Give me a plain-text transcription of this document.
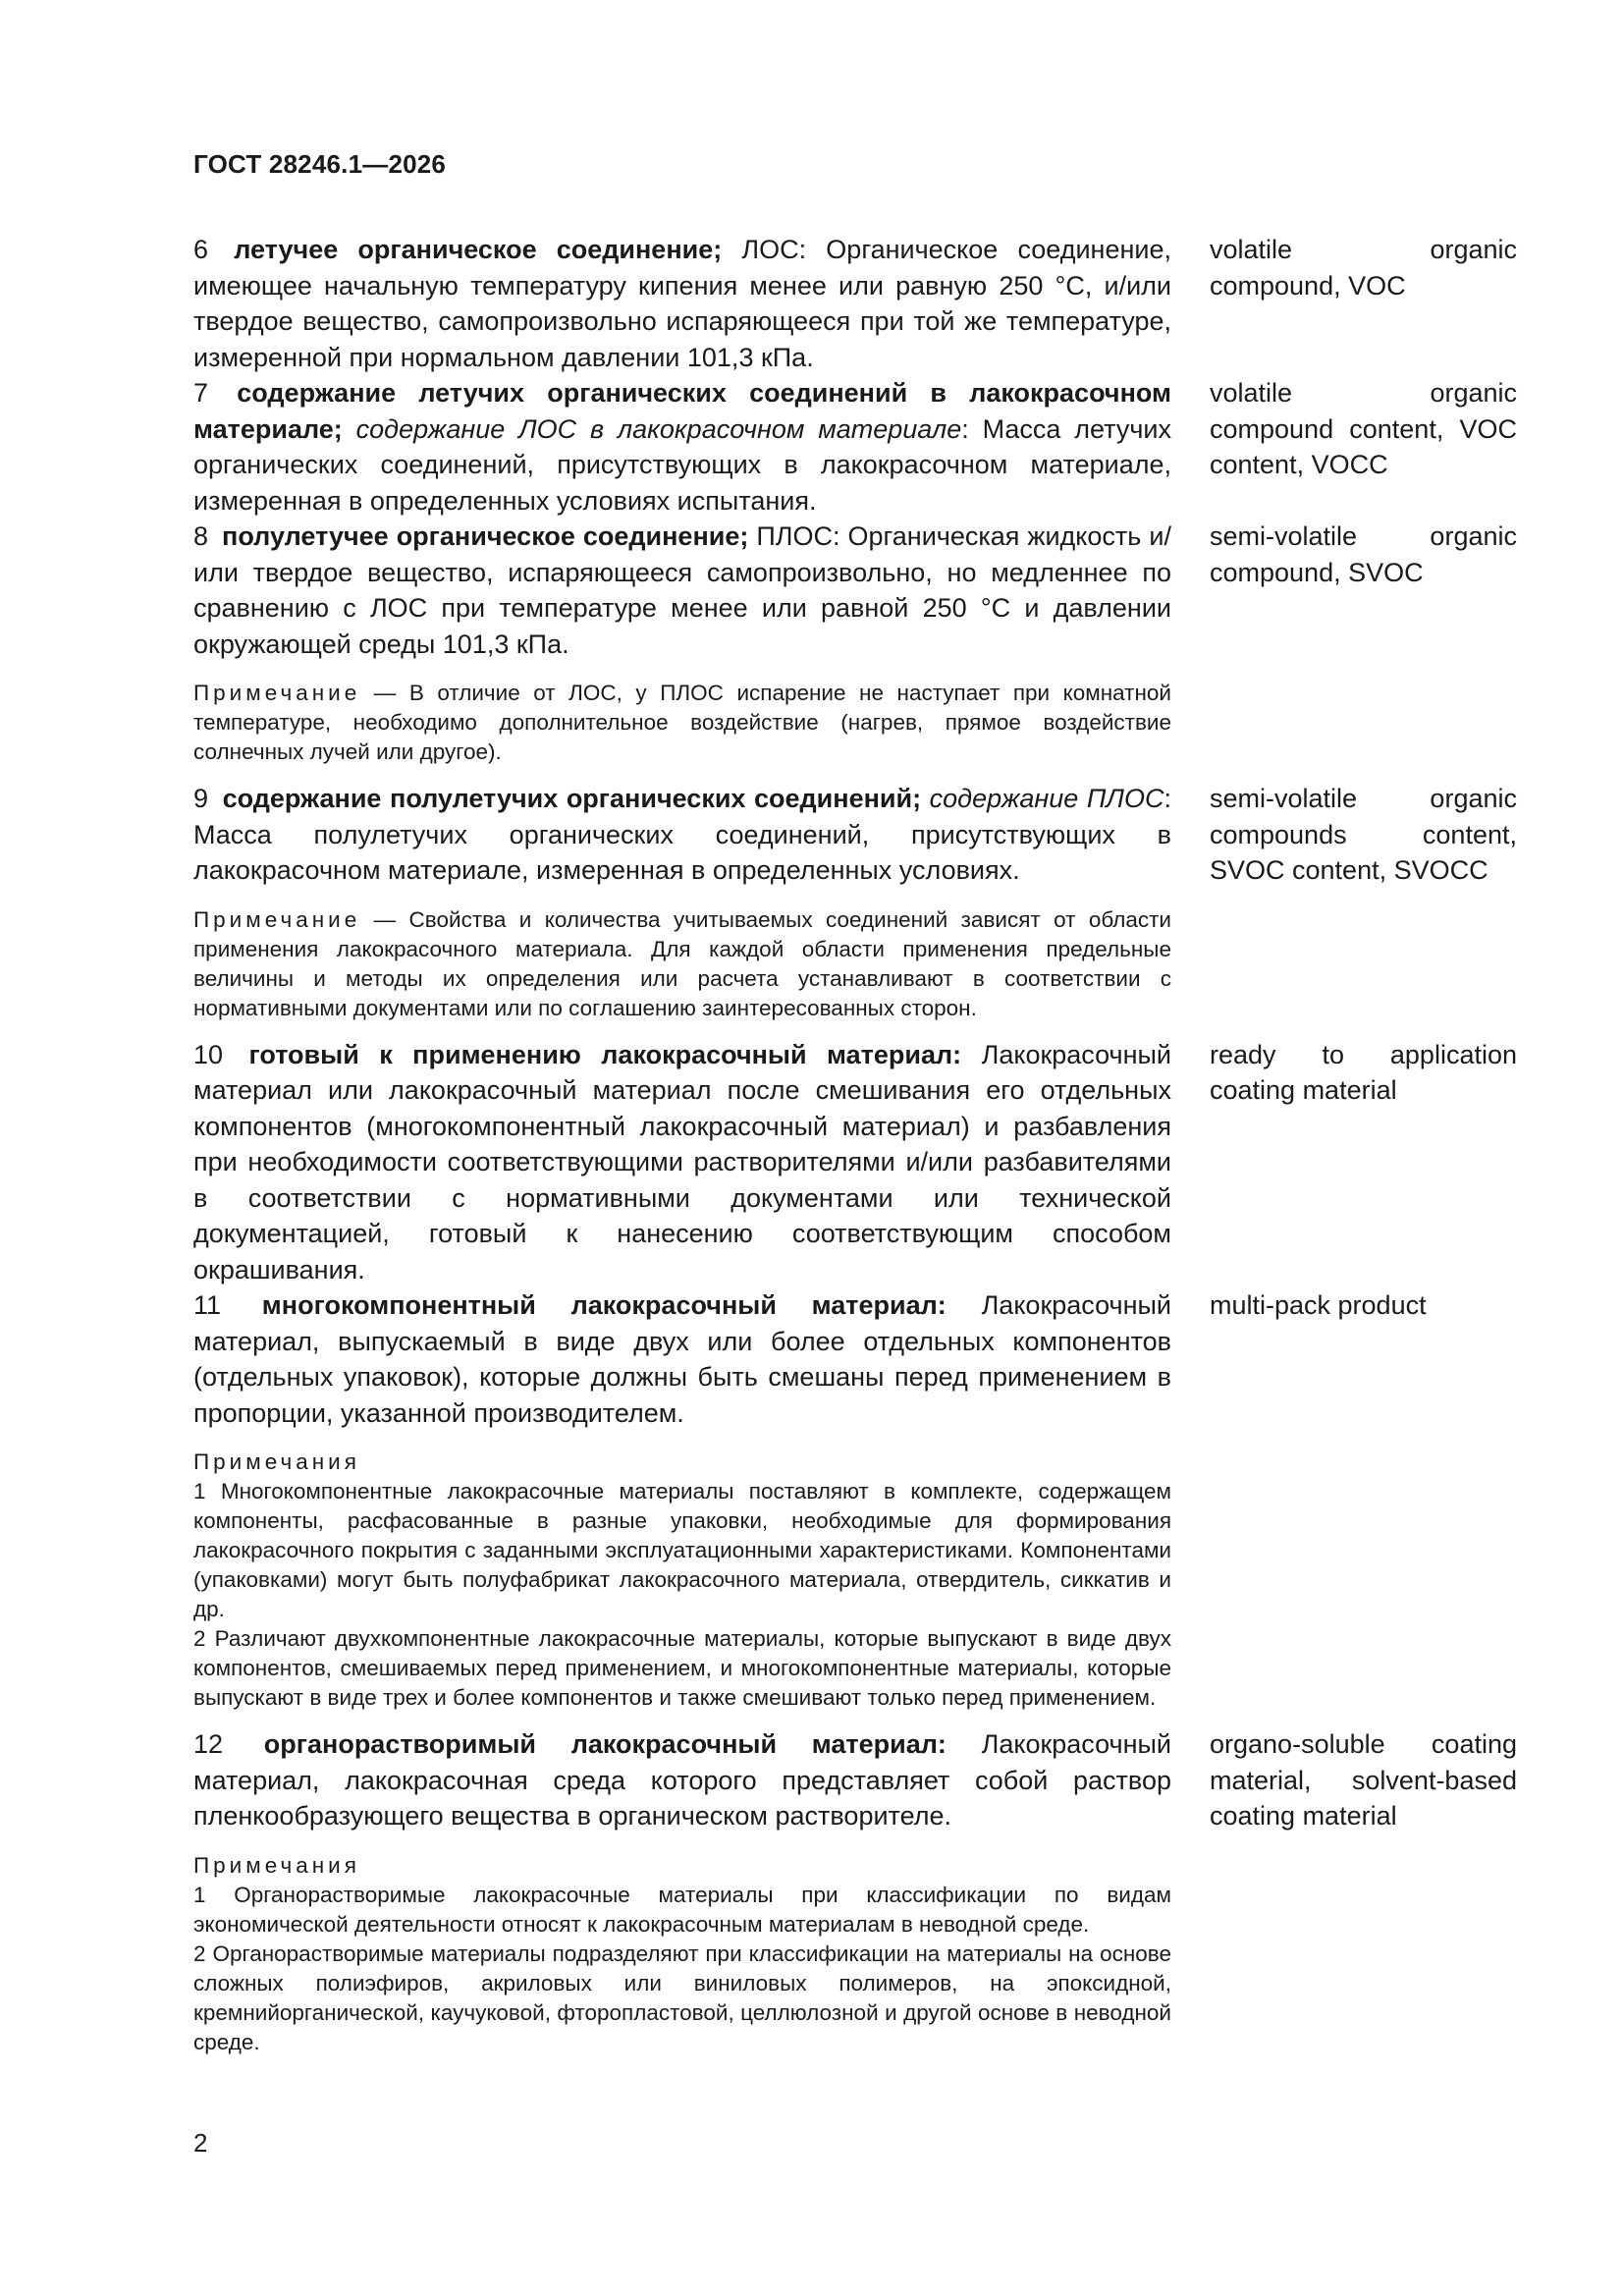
ГОСТ 28246.1—2026
6 летучее органическое соединение; ЛОС: Органическое соединение, имеющее начальную температуру кипения менее или равную 250 °С, и/или твердое вещество, самопроизвольно испаряющееся при той же температуре, измеренной при нормальном давлении 101,3 кПа.
volatile organic compound, VOC
7 содержание летучих органических соединений в лакокрасочном материале; содержание ЛОС в лакокрасочном материале: Масса летучих органических соединений, присутствующих в лакокрасочном материале, измеренная в определенных условиях испытания.
volatile organic compound content, VOC content, VOCC
8 полулетучее органическое соединение; ПЛОС: Органическая жидкость и/или твердое вещество, испаряющееся самопроизвольно, но медленнее по сравнению с ЛОС при температуре менее или равной 250 °С и давлении окружающей среды 101,3 кПа.
semi-volatile organic compound, SVOC
Примечание — В отличие от ЛОС, у ПЛОС испарение не наступает при комнатной температуре, необходимо дополнительное воздействие (нагрев, прямое воздействие солнечных лучей или другое).
9 содержание полулетучих органических соединений; содержание ПЛОС: Масса полулетучих органических соединений, присутствующих в лакокрасочном материале, измеренная в определенных условиях.
semi-volatile organic compounds content, SVOC content, SVOCC
Примечание — Свойства и количества учитываемых соединений зависят от области применения лакокрасочного материала. Для каждой области применения предельные величины и методы их определения или расчета устанавливают в соответствии с нормативными документами или по соглашению заинтересованных сторон.
10 готовый к применению лакокрасочный материал: Лакокрасочный материал или лакокрасочный материал после смешивания его отдельных компонентов (многокомпонентный лакокрасочный материал) и разбавления при необходимости соответствующими растворителями и/или разбавителями в соответствии с нормативными документами или технической документацией, готовый к нанесению соответствующим способом окрашивания.
ready to application coating material
11 многокомпонентный лакокрасочный материал: Лакокрасочный материал, выпускаемый в виде двух или более отдельных компонентов (отдельных упаковок), которые должны быть смешаны перед применением в пропорции, указанной производителем.
multi-pack product
Примечания
1 Многокомпонентные лакокрасочные материалы поставляют в комплекте, содержащем компоненты, расфасованные в разные упаковки, необходимые для формирования лакокрасочного покрытия с заданными эксплуатационными характеристиками. Компонентами (упаковками) могут быть полуфабрикат лакокрасочного материала, отвердитель, сиккатив и др.
2 Различают двухкомпонентные лакокрасочные материалы, которые выпускают в виде двух компонентов, смешиваемых перед применением, и многокомпонентные материалы, которые выпускают в виде трех и более компонентов и также смешивают только перед применением.
12 органорастворимый лакокрасочный материал: Лакокрасочный материал, лакокрасочная среда которого представляет собой раствор пленкообразующего вещества в органическом растворителе.
organo-soluble coating material, solvent-based coating material
Примечания
1 Органорастворимые лакокрасочные материалы при классификации по видам экономической деятельности относят к лакокрасочным материалам в неводной среде.
2 Органорастворимые материалы подразделяют при классификации на материалы на основе сложных полиэфиров, акриловых или виниловых полимеров, на эпоксидной, кремнийорганической, каучуковой, фторопластовой, целлюлозной и другой основе в неводной среде.
2
